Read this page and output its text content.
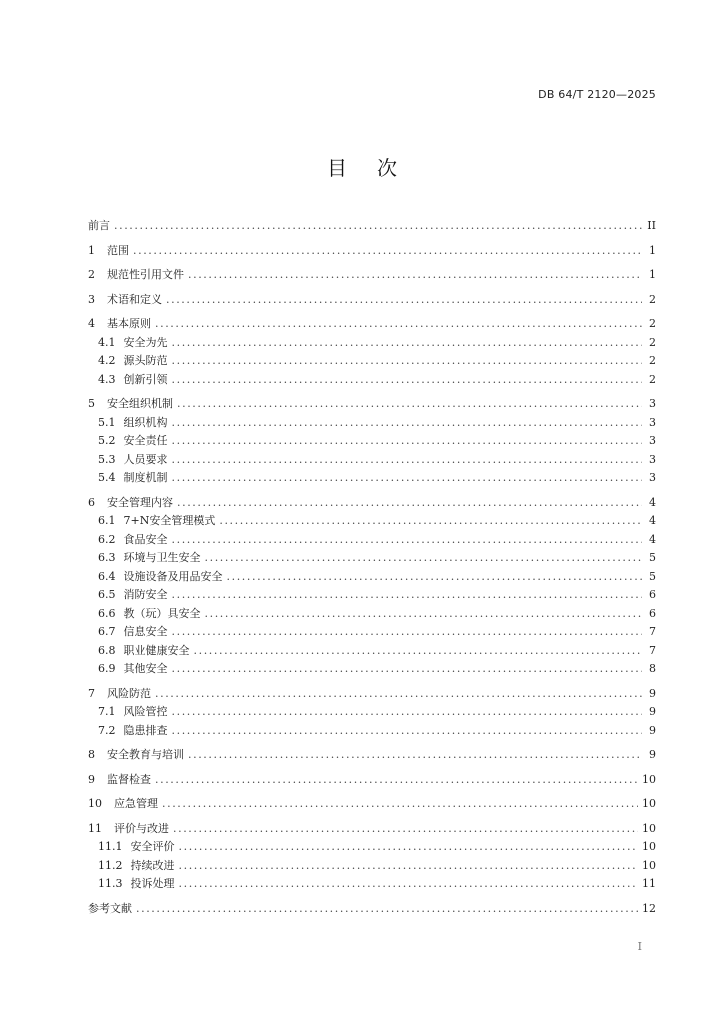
DB 64/T 2120—2025
目次
前言 .....	II
1 范围 .....	1
2 规范性引用文件 .....	1
3 术语和定义 .....	2
4 基本原则 .....	2
4.1 安全为先 .....	2
4.2 源头防范 .....	2
4.3 创新引领 .....	2
5 安全组织机制 .....	3
5.1 组织机构 .....	3
5.2 安全责任 .....	3
5.3 人员要求 .....	3
5.4 制度机制 .....	3
6 安全管理内容 .....	4
6.1 7+N安全管理模式 .....	4
6.2 食品安全 .....	4
6.3 环境与卫生安全 .....	5
6.4 设施设备及用品安全 .....	5
6.5 消防安全 .....	6
6.6 教（玩）具安全 .....	6
6.7 信息安全 .....	7
6.8 职业健康安全 .....	7
6.9 其他安全 .....	8
7 风险防范 .....	9
7.1 风险管控 .....	9
7.2 隐患排查 .....	9
8 安全教育与培训 .....	9
9 监督检查 .....	10
10 应急管理 .....	10
11 评价与改进 .....	10
11.1 安全评价 .....	10
11.2 持续改进 .....	10
11.3 投诉处理 .....	11
参考文献 .....	12
I
